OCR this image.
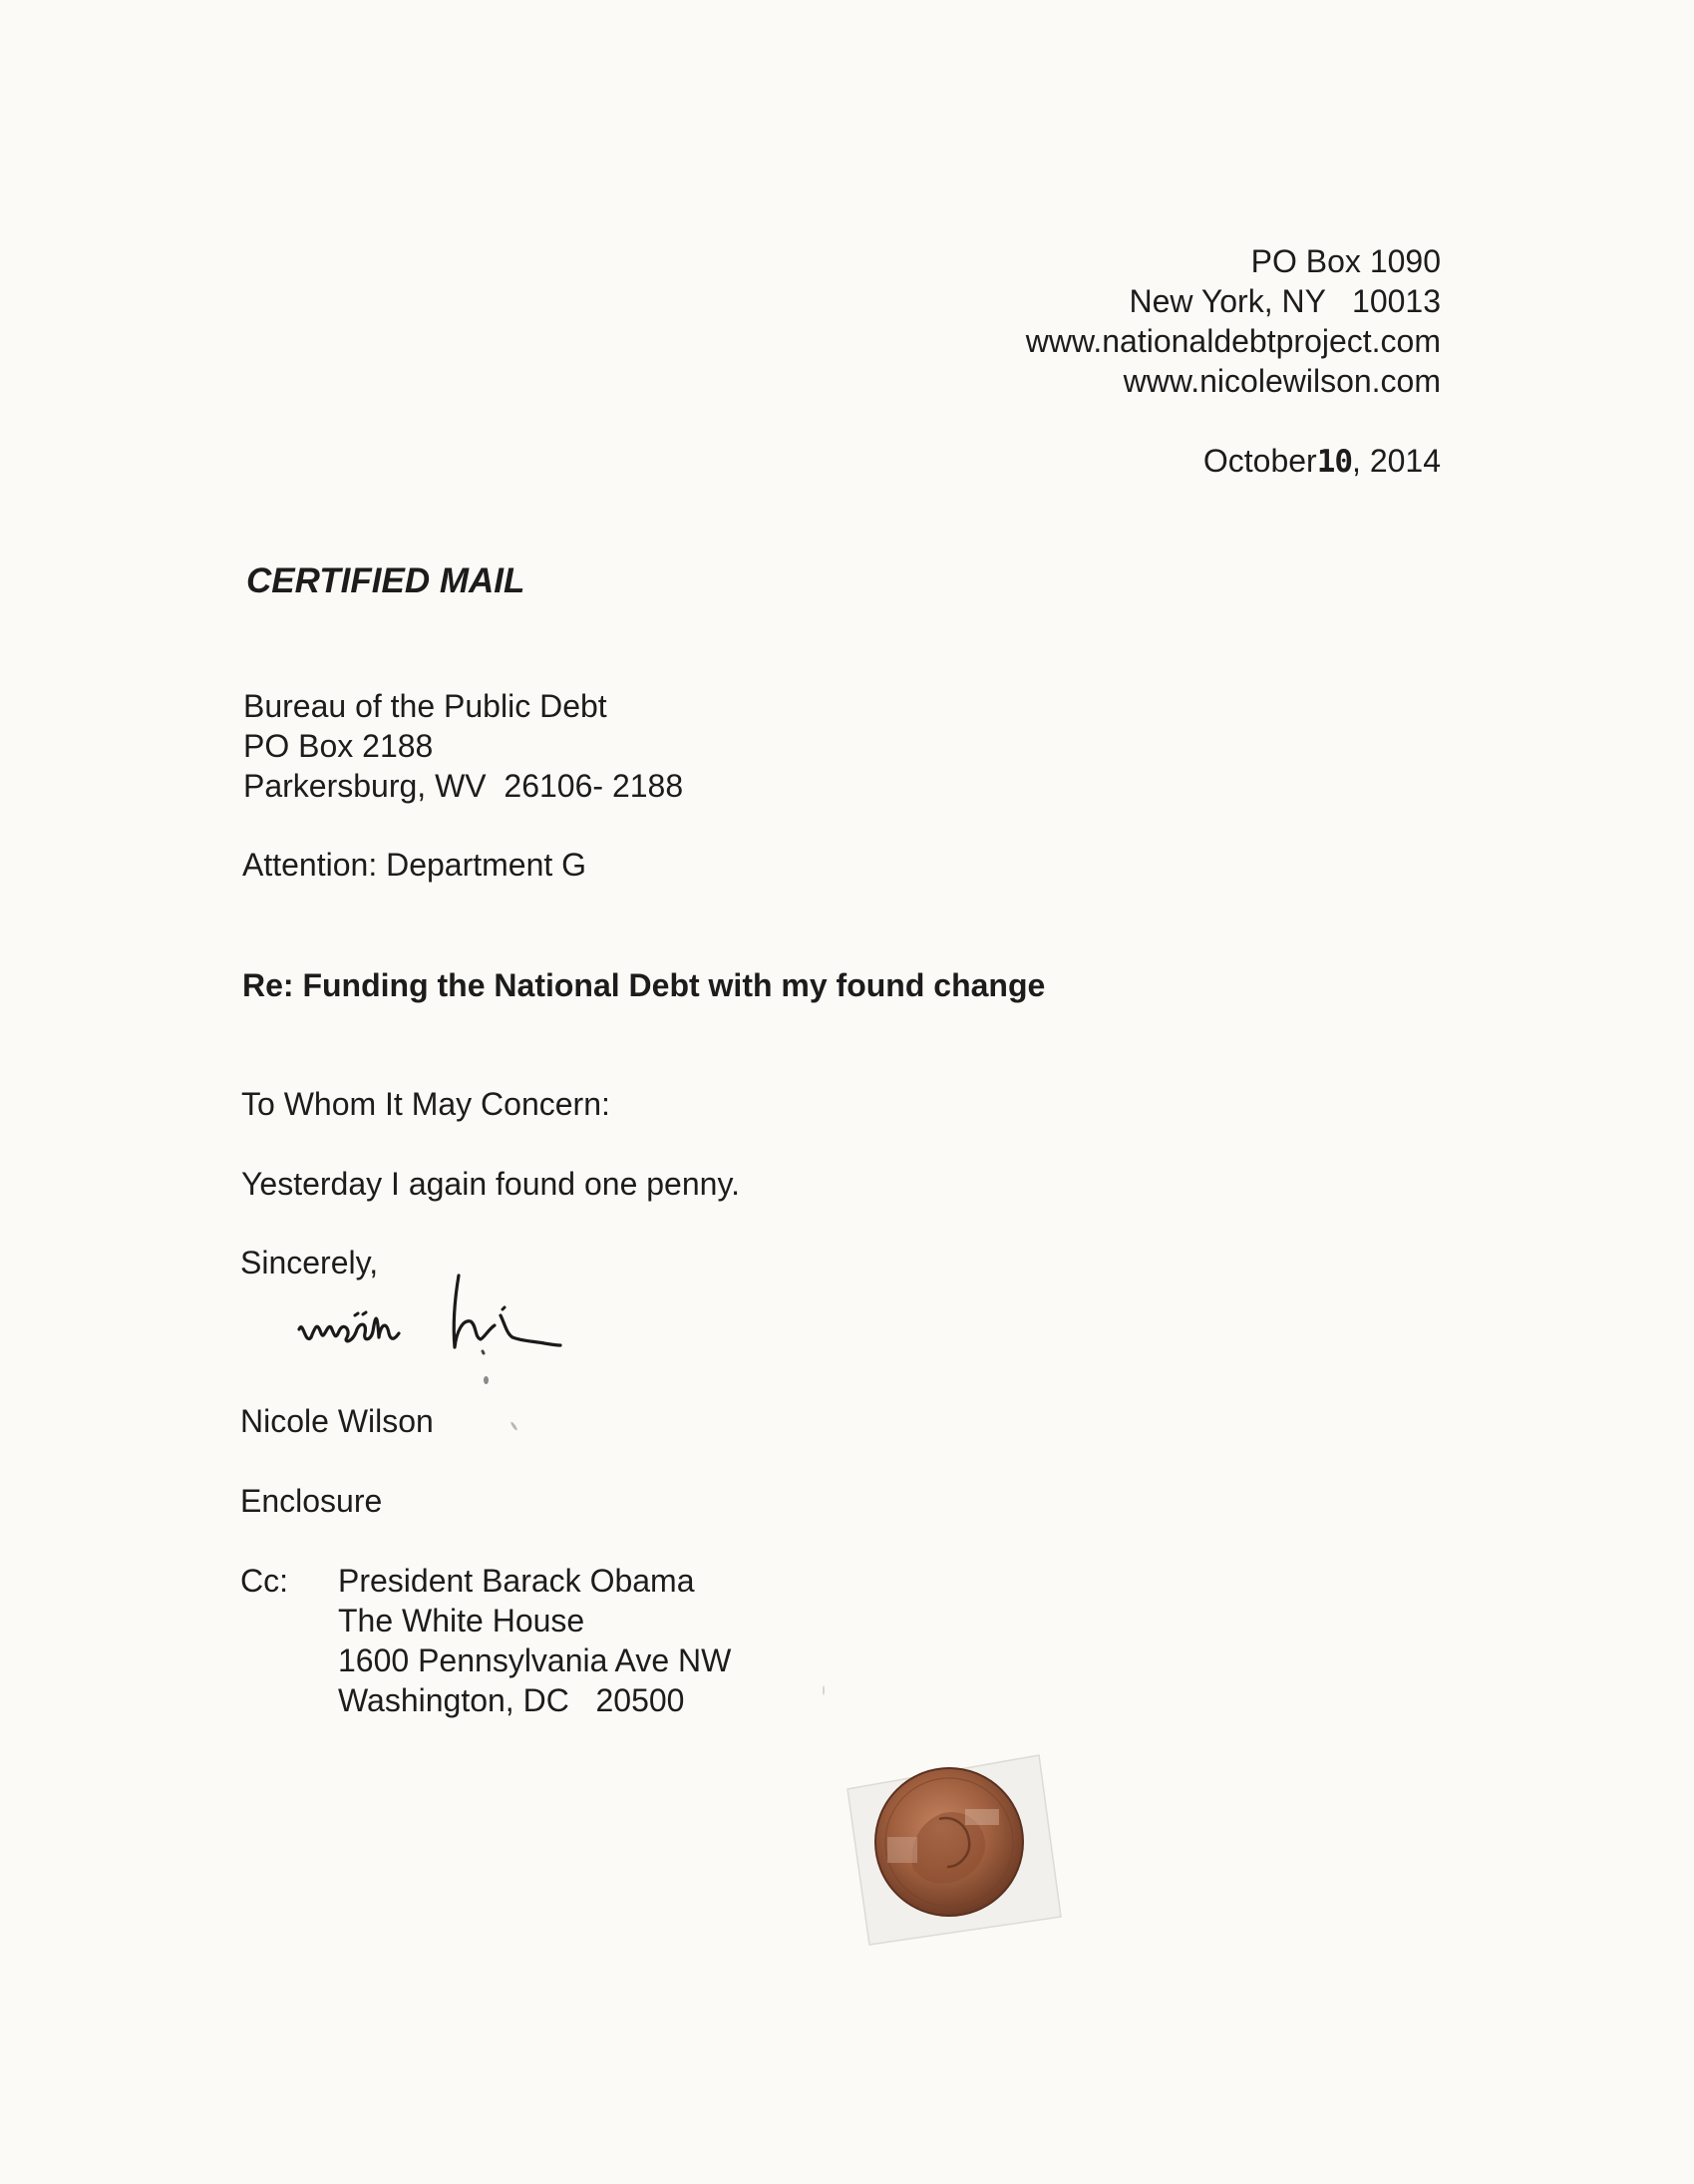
PO Box 1090
New York, NY   10013
www.nationaldebtproject.com
www.nicolewilson.com
October10, 2014
CERTIFIED MAIL
Bureau of the Public Debt
PO Box 2188
Parkersburg, WV  26106- 2188
Attention: Department G
Re: Funding the National Debt with my found change
To Whom It May Concern:
Yesterday I again found one penny.
Sincerely,
Nicole Wilson
Enclosure
Cc: President Barack Obama
The White House
1600 Pennsylvania Ave NW
Washington, DC   20500
